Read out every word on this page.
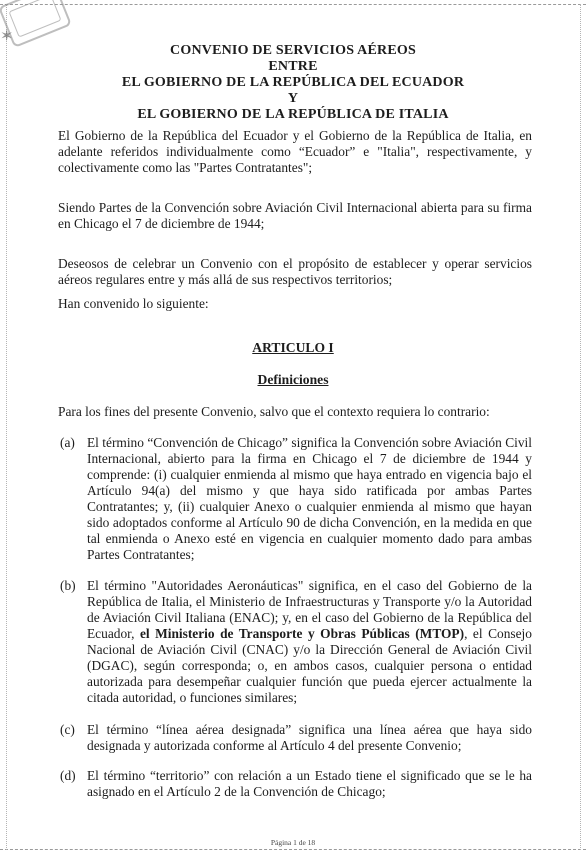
✶
CONVENIO DE SERVICIOS AÉREOS
ENTRE
EL GOBIERNO DE LA REPÚBLICA DEL ECUADOR
Y
EL GOBIERNO DE LA REPÚBLICA DE ITALIA
El Gobierno de la República del Ecuador y el Gobierno de la República de Italia, en adelante referidos individualmente como “Ecuador” e "Italia", respectivamente, y colectivamente como las "Partes Contratantes";
Siendo Partes de la Convención sobre Aviación Civil Internacional abierta para su firma en Chicago el 7 de diciembre de 1944;
Deseosos de celebrar un Convenio con el propósito de establecer y operar servicios aéreos regulares entre y más allá de sus respectivos territorios;
Han convenido lo siguiente:
ARTICULO I
Definiciones
Para los fines del presente Convenio, salvo que el contexto requiera lo contrario:
(a) El término “Convención de Chicago” significa la Convención sobre Aviación Civil Internacional, abierto para la firma en Chicago el 7 de diciembre de 1944 y comprende: (i) cualquier enmienda al mismo que haya entrado en vigencia bajo el Artículo 94(a) del mismo y que haya sido ratificada por ambas Partes Contratantes; y, (ii) cualquier Anexo o cualquier enmienda al mismo que hayan sido adoptados conforme al Artículo 90 de dicha Convención, en la medida en que tal enmienda o Anexo esté en vigencia en cualquier momento dado para ambas Partes Contratantes;
(b) El término "Autoridades Aeronáuticas" significa, en el caso del Gobierno de la República de Italia, el Ministerio de Infraestructuras y Transporte y/o la Autoridad de Aviación Civil Italiana (ENAC); y, en el caso del Gobierno de la República del Ecuador, el Ministerio de Transporte y Obras Públicas (MTOP), el Consejo Nacional de Aviación Civil (CNAC) y/o la Dirección General de Aviación Civil (DGAC), según corresponda; o, en ambos casos, cualquier persona o entidad autorizada para desempeñar cualquier función que pueda ejercer actualmente la citada autoridad, o funciones similares;
(c) El término “línea aérea designada” significa una línea aérea que haya sido designada y autorizada conforme al Artículo 4 del presente Convenio;
(d) El término “territorio” con relación a un Estado tiene el significado que se le ha asignado en el Artículo 2 de la Convención de Chicago;
Página 1 de 18
